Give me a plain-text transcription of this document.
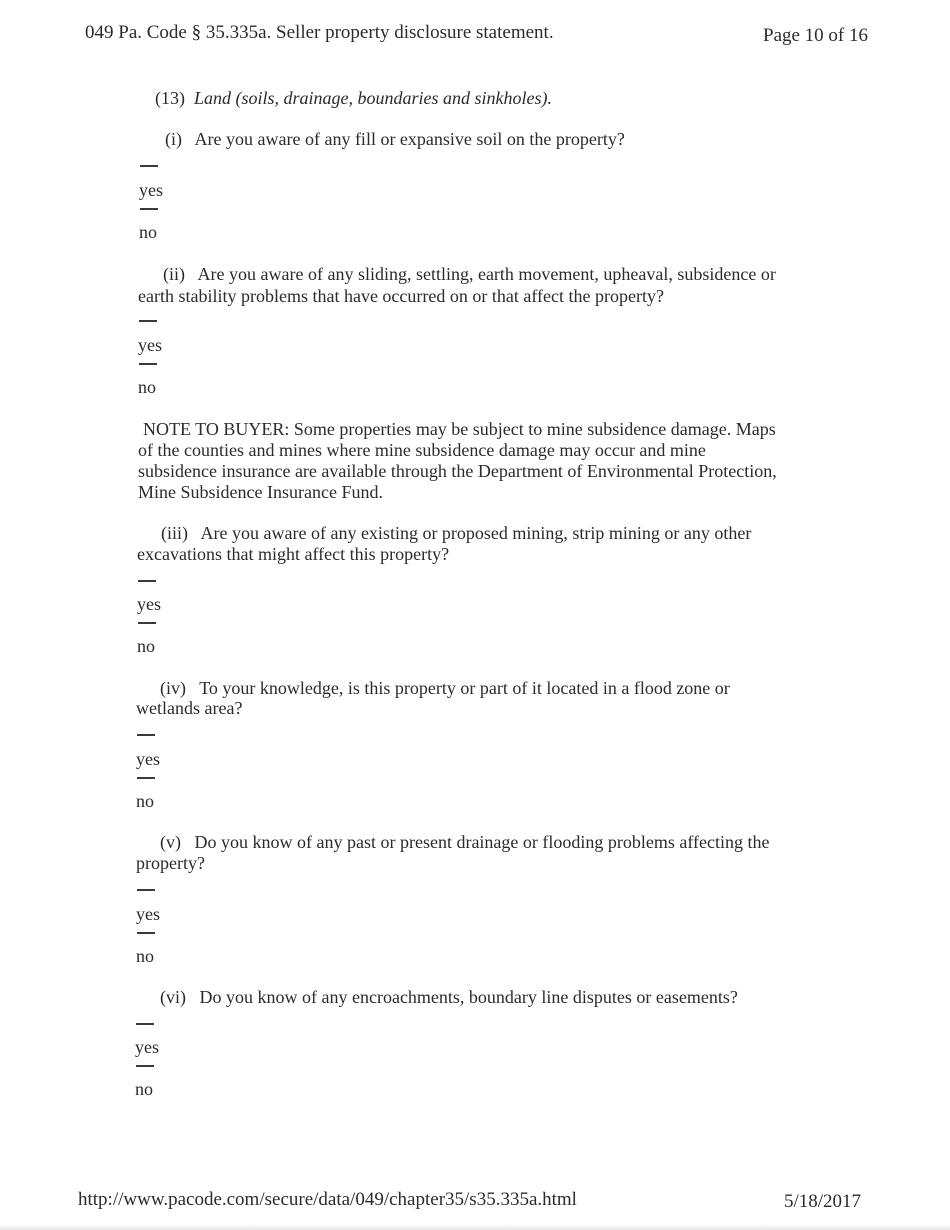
049 Pa. Code § 35.335a. Seller property disclosure statement.	Page 10 of 16
(13) Land (soils, drainage, boundaries and sinkholes).
(i) Are you aware of any fill or expansive soil on the property?
yes
no
(ii) Are you aware of any sliding, settling, earth movement, upheaval, subsidence or
earth stability problems that have occurred on or that affect the property?
yes
no
NOTE TO BUYER: Some properties may be subject to mine subsidence damage. Maps
of the counties and mines where mine subsidence damage may occur and mine
subsidence insurance are available through the Department of Environmental Protection,
Mine Subsidence Insurance Fund.
(iii) Are you aware of any existing or proposed mining, strip mining or any other
excavations that might affect this property?
yes
no
(iv) To your knowledge, is this property or part of it located in a flood zone or
wetlands area?
yes
no
(v) Do you know of any past or present drainage or flooding problems affecting the
property?
yes
no
(vi) Do you know of any encroachments, boundary line disputes or easements?
yes
no
http://www.pacode.com/secure/data/049/chapter35/s35.335a.html	5/18/2017
